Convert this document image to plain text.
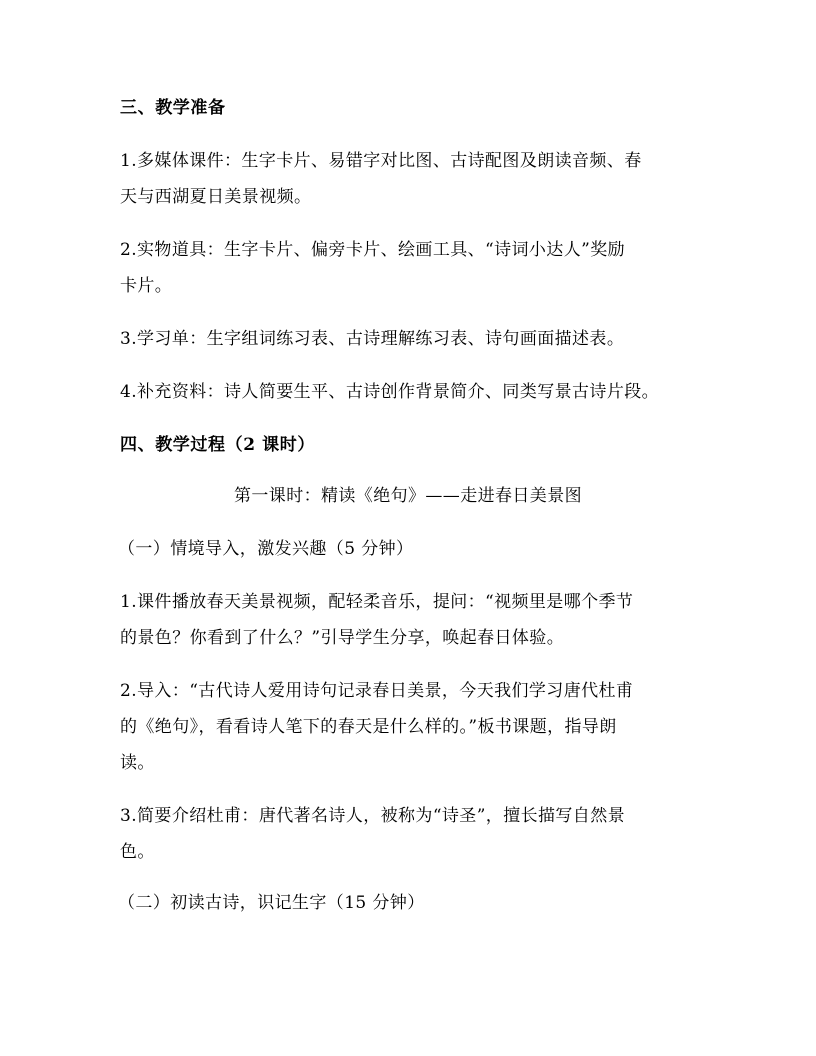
三、教学准备
1.多媒体课件：生字卡片、易错字对比图、古诗配图及朗读音频、春
天与西湖夏日美景视频。
2.实物道具：生字卡片、偏旁卡片、绘画工具、“诗词小达人”奖励
卡片。
3.学习单：生字组词练习表、古诗理解练习表、诗句画面描述表。
4.补充资料：诗人简要生平、古诗创作背景简介、同类写景古诗片段。
四、教学过程（2 课时）
第一课时：精读《绝句》——走进春日美景图
（一）情境导入，激发兴趣（5 分钟）
1.课件播放春天美景视频，配轻柔音乐，提问：“视频里是哪个季节
的景色？你看到了什么？”引导学生分享，唤起春日体验。
2.导入：“古代诗人爱用诗句记录春日美景，今天我们学习唐代杜甫
的《绝句》，看看诗人笔下的春天是什么样的。”板书课题，指导朗
读。
3.简要介绍杜甫：唐代著名诗人，被称为“诗圣”，擅长描写自然景
色。
（二）初读古诗，识记生字（15 分钟）
